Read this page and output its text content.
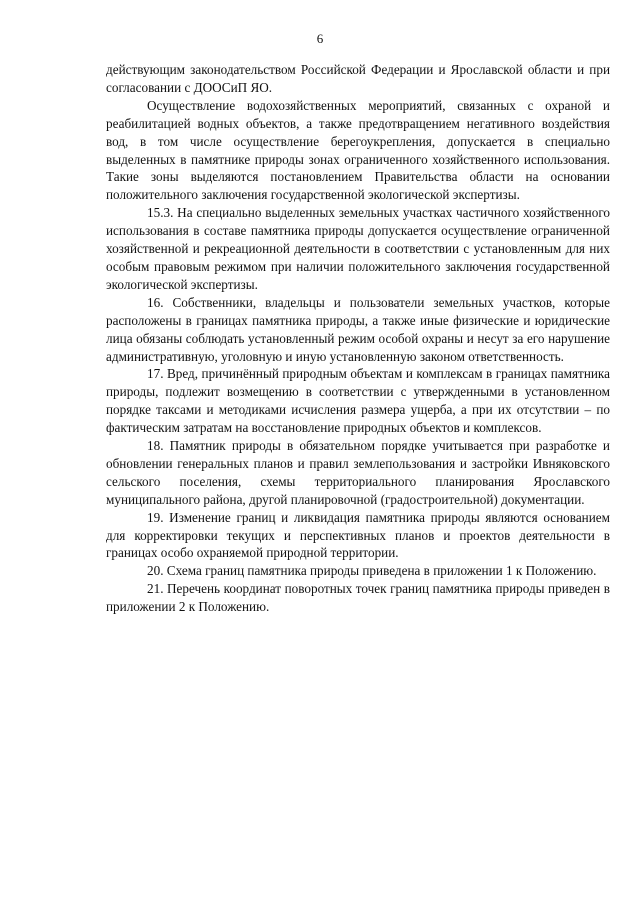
6

действующим законодательством Российской Федерации и Ярославской области и при согласовании с ДООСиП ЯО.

Осуществление водохозяйственных мероприятий, связанных с охраной и реабилитацией водных объектов, а также предотвращением негативного воздействия вод, в том числе осуществление берегоукрепления, допускается в специально выделенных в памятнике природы зонах ограниченного хозяйственного использования. Такие зоны выделяются постановлением Правительства области на основании положительного заключения государственной экологической экспертизы.

15.3. На специально выделенных земельных участках частичного хозяйственного использования в составе памятника природы допускается осуществление ограниченной хозяйственной и рекреационной деятельности в соответствии с установленным для них особым правовым режимом при наличии положительного заключения государственной экологической экспертизы.

16. Собственники, владельцы и пользователи земельных участков, которые расположены в границах памятника природы, а также иные физические и юридические лица обязаны соблюдать установленный режим особой охраны и несут за его нарушение административную, уголовную и иную установленную законом ответственность.

17. Вред, причинённый природным объектам и комплексам в границах памятника природы, подлежит возмещению в соответствии с утвержденными в установленном порядке таксами и методиками исчисления размера ущерба, а при их отсутствии – по фактическим затратам на восстановление природных объектов и комплексов.

18. Памятник природы в обязательном порядке учитывается при разработке и обновлении генеральных планов и правил землепользования и застройки Ивняковского сельского поселения, схемы территориального планирования Ярославского муниципального района, другой планировочной (градостроительной) документации.

19. Изменение границ и ликвидация памятника природы являются основанием для корректировки текущих и перспективных планов и проектов деятельности в границах особо охраняемой природной территории.

20. Схема границ памятника природы приведена в приложении 1 к Положению.

21. Перечень координат поворотных точек границ памятника природы приведен в приложении 2 к Положению.
